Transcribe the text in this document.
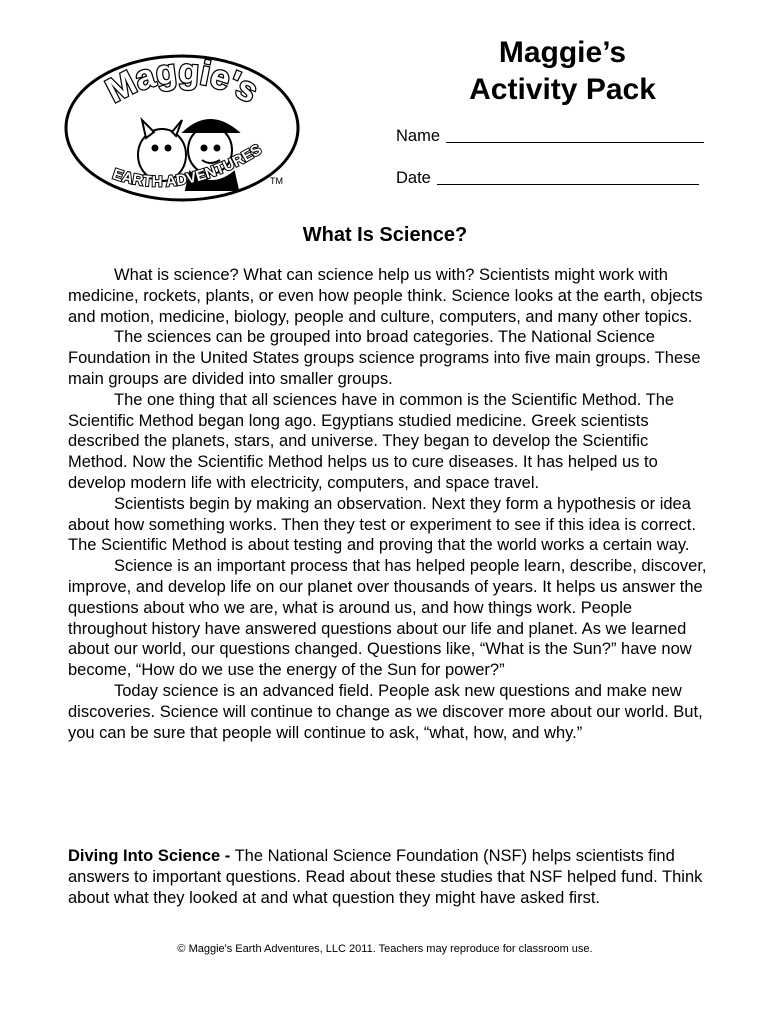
Maggie's
EARTH ADVENTURES
TM
Maggie’s
Activity Pack
Name
Date
What Is Science?

What is science? What can science help us with? Scientists might work with medicine, rockets, plants, or even how people think. Science looks at the earth, objects and motion, medicine, biology, people and culture, computers, and many other topics.

The sciences can be grouped into broad categories. The National Science Foundation in the United States groups science programs into five main groups. These main groups are divided into smaller groups.

The one thing that all sciences have in common is the Scientific Method. The Scientific Method began long ago. Egyptians studied medicine. Greek scientists described the planets, stars, and universe. They began to develop the Scientific Method. Now the Scientific Method helps us to cure diseases. It has helped us to develop modern life with electricity, computers, and space travel.

Scientists begin by making an observation. Next they form a hypothesis or idea about how something works. Then they test or experiment to see if this idea is correct. The Scientific Method is about testing and proving that the world works a certain way.

Science is an important process that has helped people learn, describe, discover, improve, and develop life on our planet over thousands of years. It helps us answer the questions about who we are, what is around us, and how things work. People throughout history have answered questions about our life and planet. As we learned about our world, our questions changed. Questions like, “What is the Sun?” have now become, “How do we use the energy of the Sun for power?”

Today science is an advanced field. People ask new questions and make new discoveries. Science will continue to change as we discover more about our world. But, you can be sure that people will continue to ask, “what, how, and why.”

Diving Into Science - The National Science Foundation (NSF) helps scientists find answers to important questions. Read about these studies that NSF helped fund. Think about what they looked at and what question they might have asked first.

© Maggie's Earth Adventures, LLC 2011. Teachers may reproduce for classroom use.
